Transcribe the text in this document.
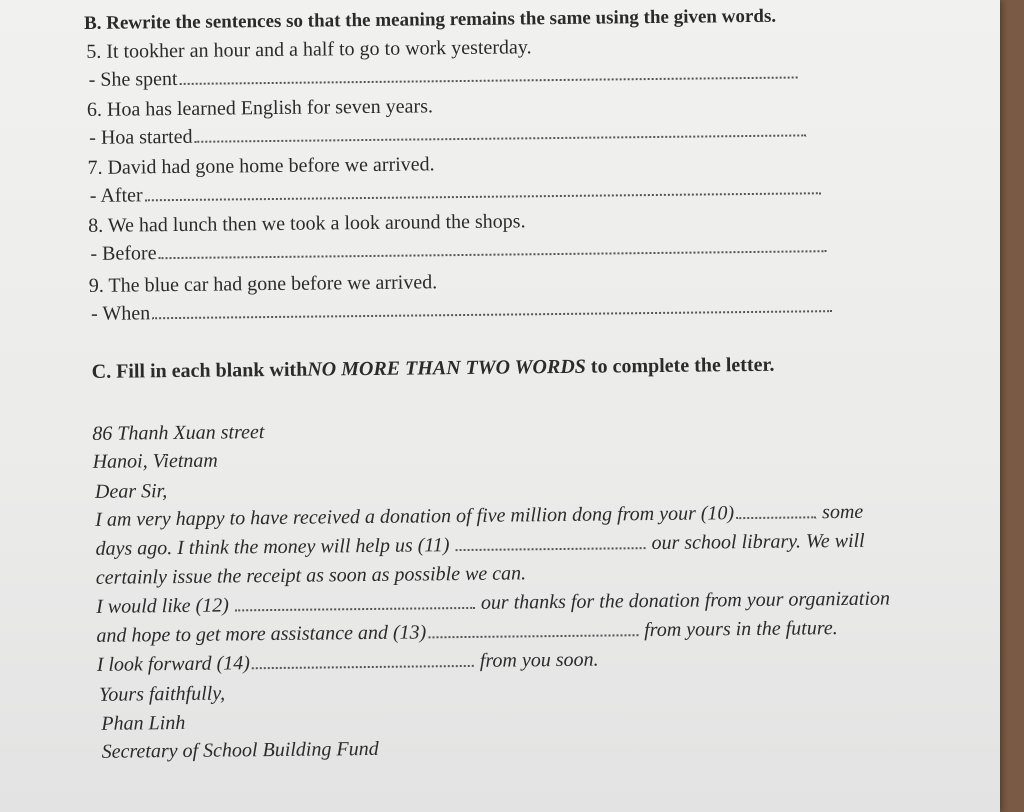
B. Rewrite the sentences so that the meaning remains the same using the given words.
5. It tookher an hour and a half to go to work yesterday.
- She spent
6. Hoa has learned English for seven years.
- Hoa started
7. David had gone home before we arrived.
- After
8. We had lunch then we took a look around the shops.
- Before
9. The blue car had gone before we arrived.
- When
C. Fill in each blank withNO MORE THAN TWO WORDS to complete the letter.
86 Thanh Xuan street
Hanoi, Vietnam
Dear Sir,
I am very happy to have received a donation of five million dong from your (10)	some
days ago. I think the money will help us (11)	our school library. We will
certainly issue the receipt as soon as possible we can.
I would like (12)	our thanks for the donation from your organization
and hope to get more assistance and (13)	from yours in the future.
I look forward (14)	from you soon.
Yours faithfully,
Phan Linh
Secretary of School Building Fund
